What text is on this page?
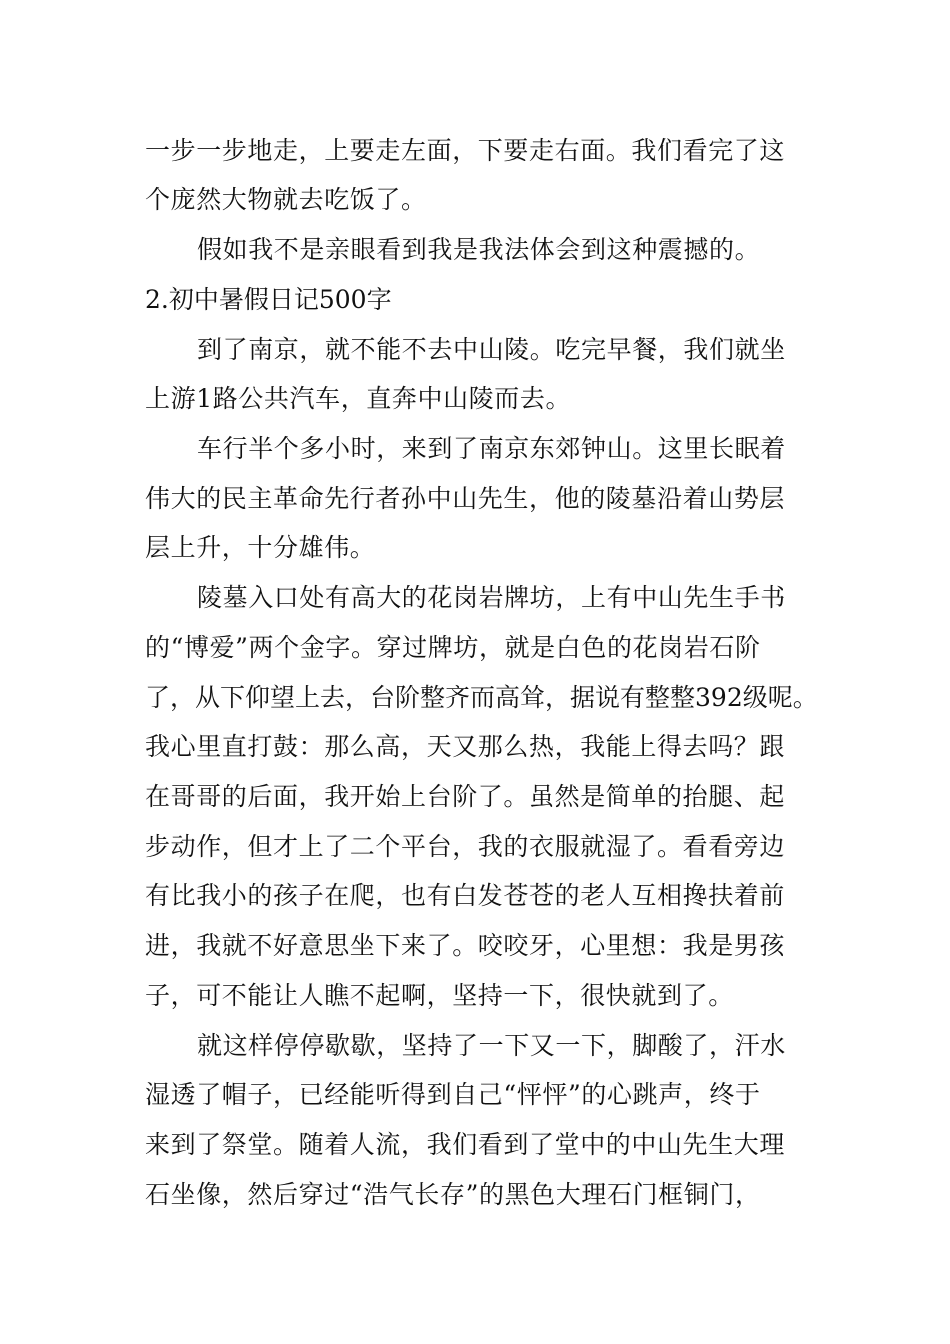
一步一步地走，上要走左面，下要走右面。我们看完了这
个庞然大物就去吃饭了。
假如我不是亲眼看到我是我法体会到这种震撼的。
2.初中暑假日记500字
到了南京，就不能不去中山陵。吃完早餐，我们就坐
上游1路公共汽车，直奔中山陵而去。
车行半个多小时，来到了南京东郊钟山。这里长眠着
伟大的民主革命先行者孙中山先生，他的陵墓沿着山势层
层上升，十分雄伟。
陵墓入口处有高大的花岗岩牌坊，上有中山先生手书
的“博爱”两个金字。穿过牌坊，就是白色的花岗岩石阶
了，从下仰望上去，台阶整齐而高耸，据说有整整392级呢。
我心里直打鼓：那么高，天又那么热，我能上得去吗？跟
在哥哥的后面，我开始上台阶了。虽然是简单的抬腿、起
步动作，但才上了二个平台，我的衣服就湿了。看看旁边
有比我小的孩子在爬，也有白发苍苍的老人互相搀扶着前
进，我就不好意思坐下来了。咬咬牙，心里想：我是男孩
子，可不能让人瞧不起啊，坚持一下，很快就到了。
就这样停停歇歇，坚持了一下又一下，脚酸了，汗水
湿透了帽子，已经能听得到自己“怦怦”的心跳声，终于
来到了祭堂。随着人流，我们看到了堂中的中山先生大理
石坐像，然后穿过“浩气长存”的黑色大理石门框铜门，
